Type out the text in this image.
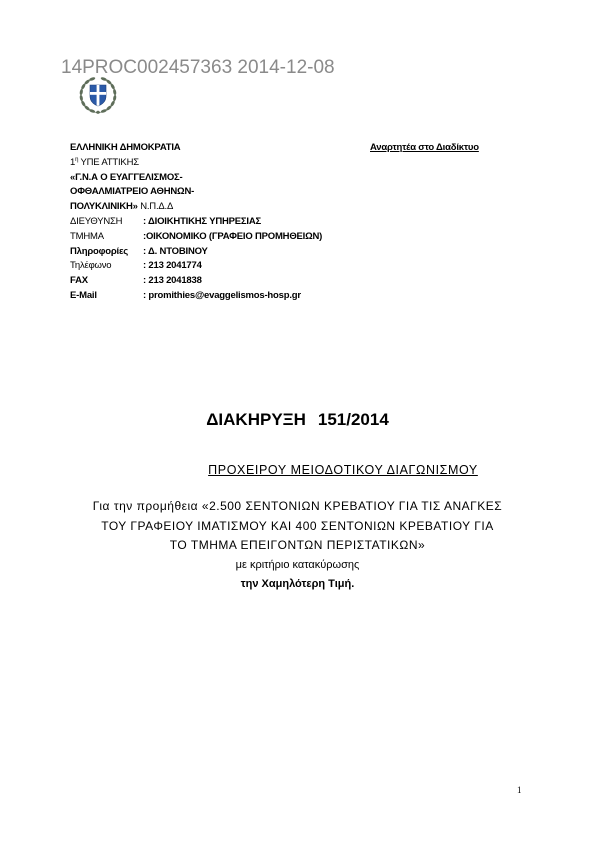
14PROC002457363 2014-12-08
ΕΛΛΗΝΙΚΗ ΔΗΜΟΚΡΑΤΙΑ
$1^\eta$ ΥΠΕ ΑΤΤΙΚΗΣ
«Γ.Ν.Α Ο ΕΥΑΓΓΕΛΙΣΜΟΣ-
ΟΦΘΑΛΜΙΑΤΡΕΙΟ ΑΘΗΝΩΝ-
ΠΟΛΥΚΛΙΝΙΚΗ» Ν.Π.Δ.Δ
ΔΙΕΥΘΥΝΣΗ	: ΔΙΟΙΚΗΤΙΚΗΣ ΥΠΗΡΕΣΙΑΣ
ΤΜΗΜΑ	:ΟΙΚΟΝΟΜΙΚΟ (ΓΡΑΦΕΙΟ ΠΡΟΜΗΘΕΙΩΝ)
Πληροφορίες	: Δ. ΝΤΟΒΙΝΟΥ
Τηλέφωνο	: 213 2041774
FAX	: 213 2041838
E-Mail	: promithies@evaggelismos-hosp.gr
Αναρτητέα στο Διαδίκτυο
ΔΙΑΚΗΡΥΞΗ 151/2014
ΠΡΟΧΕΙΡΟΥ ΜΕΙΟΔΟΤΙΚΟΥ ΔΙΑΓΩΝΙΣΜΟΥ
Για την προμήθεια «2.500 ΣΕΝΤΟΝΙΩΝ ΚΡΕΒΑΤΙΟΥ ΓΙΑ ΤΙΣ ΑΝΑΓΚΕΣ
ΤΟΥ ΓΡΑΦΕΙΟΥ ΙΜΑΤΙΣΜΟΥ ΚΑΙ 400 ΣΕΝΤΟΝΙΩΝ ΚΡΕΒΑΤΙΟΥ ΓΙΑ
ΤΟ ΤΜΗΜΑ ΕΠΕΙΓΟΝΤΩΝ ΠΕΡΙΣΤΑΤΙΚΩΝ»
με κριτήριο κατακύρωσης
την Χαμηλότερη Τιμή.
1
